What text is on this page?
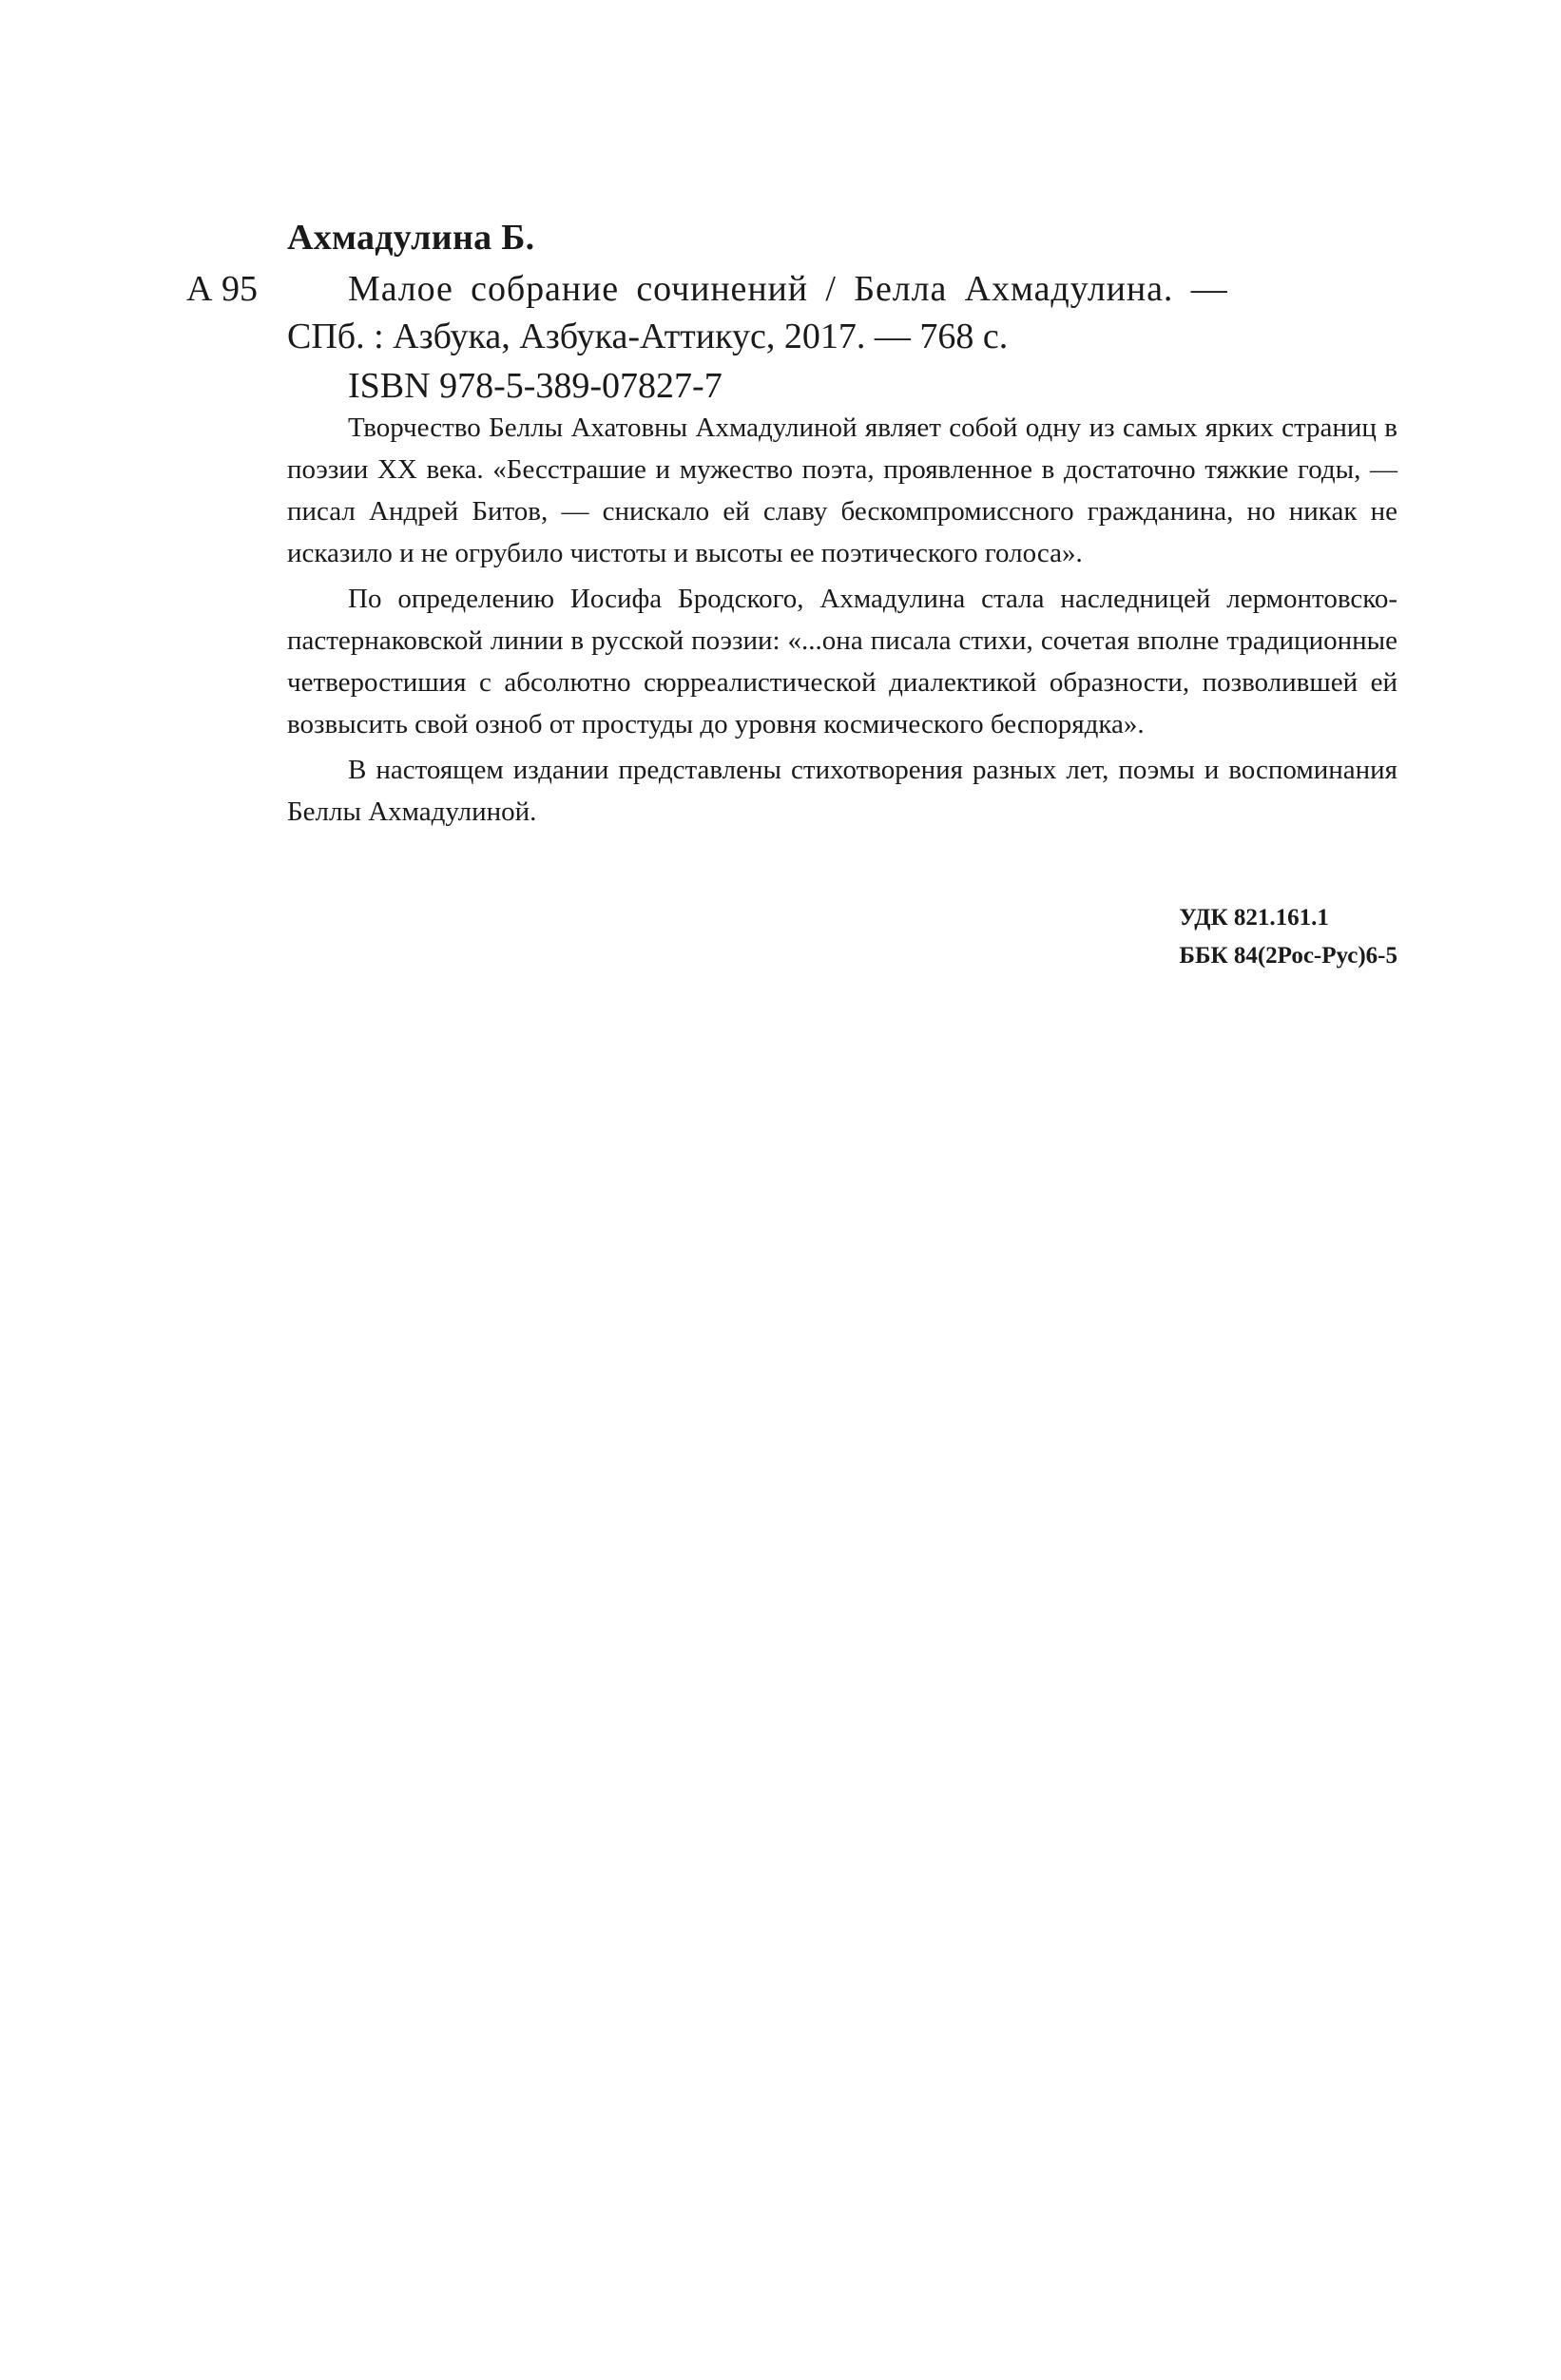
Ахмадулина Б.
А 95	Малое собрание сочинений / Белла Ахмадулина. —
СПб. : Азбука, Азбука-Аттикус, 2017. — 768 с.
ISBN 978-5-389-07827-7

Творчество Беллы Ахатовны Ахмадулиной являет собой одну из самых ярких страниц в поэзии XX века. «Бесстрашие и мужество поэта, проявленное в достаточно тяжкие годы, — писал Андрей Битов, — снискало ей славу бескомпромиссного гражданина, но никак не исказило и не огрубило чистоты и высоты ее поэтического голоса».

По определению Иосифа Бродского, Ахмадулина стала наследницей лермонтовско-пастернаковской линии в русской поэзии: «...она писала стихи, сочетая вполне традиционные четверостишия с абсолютно сюрреалистической диалектикой образности, позволившей ей возвысить свой озноб от простуды до уровня космического беспорядка».

В настоящем издании представлены стихотворения разных лет, поэмы и воспоминания Беллы Ахмадулиной.

УДК 821.161.1
ББК 84(2Рос-Рус)6-5
